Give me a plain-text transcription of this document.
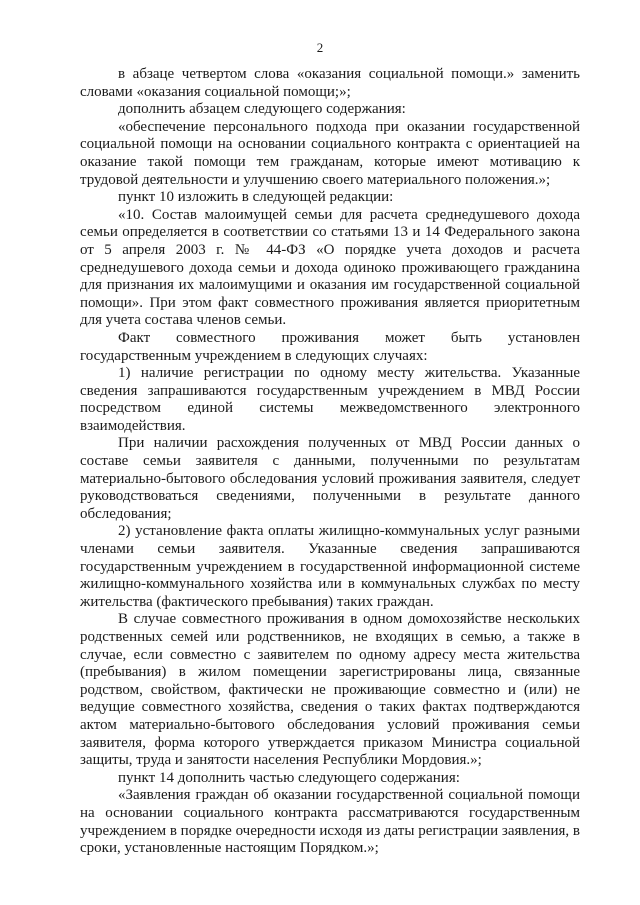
2

в абзаце четвертом слова «оказания социальной помощи.» заменить словами «оказания социальной помощи;»;

дополнить абзацем следующего содержания:

«обеспечение персонального подхода при оказании государственной социальной помощи на основании социального контракта с ориентацией на оказание такой помощи тем гражданам, которые имеют мотивацию к трудовой деятельности и улучшению своего материального положения.»;

пункт 10 изложить в следующей редакции:

«10. Состав малоимущей семьи для расчета среднедушевого дохода семьи определяется в соответствии со статьями 13 и 14 Федерального закона от 5 апреля 2003 г. № 44-ФЗ «О порядке учета доходов и расчета среднедушевого дохода семьи и дохода одиноко проживающего гражданина для признания их малоимущими и оказания им государственной социальной помощи». При этом факт совместного проживания является приоритетным для учета состава членов семьи.

Факт совместного проживания может быть установлен государственным учреждением в следующих случаях:

1) наличие регистрации по одному месту жительства. Указанные сведения запрашиваются государственным учреждением в МВД России посредством единой системы межведомственного электронного взаимодействия.

При наличии расхождения полученных от МВД России данных о составе семьи заявителя с данными, полученными по результатам материально-бытового обследования условий проживания заявителя, следует руководствоваться сведениями, полученными в результате данного обследования;

2) установление факта оплаты жилищно-коммунальных услуг разными членами семьи заявителя. Указанные сведения запрашиваются государственным учреждением в государственной информационной системе жилищно-коммунального хозяйства или в коммунальных службах по месту жительства (фактического пребывания) таких граждан.

В случае совместного проживания в одном домохозяйстве нескольких родственных семей или родственников, не входящих в семью, а также в случае, если совместно с заявителем по одному адресу места жительства (пребывания) в жилом помещении зарегистрированы лица, связанные родством, свойством, фактически не проживающие совместно и (или) не ведущие совместного хозяйства, сведения о таких фактах подтверждаются актом материально-бытового обследования условий проживания семьи заявителя, форма которого утверждается приказом Министра социальной защиты, труда и занятости населения Республики Мордовия.»;

пункт 14 дополнить частью следующего содержания:

«Заявления граждан об оказании государственной социальной помощи на основании социального контракта рассматриваются государственным учреждением в порядке очередности исходя из даты регистрации заявления, в сроки, установленные настоящим Порядком.»;
